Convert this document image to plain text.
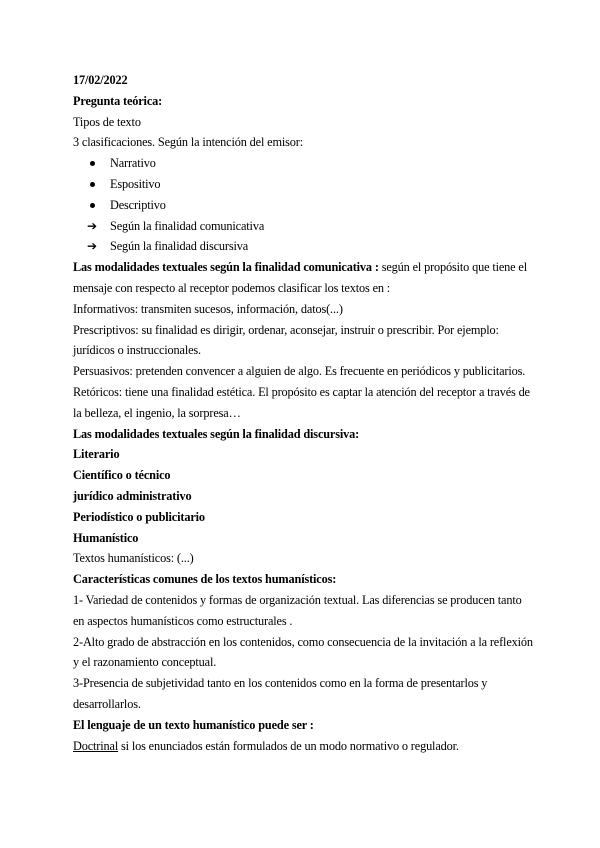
17/02/2022

Pregunta teórica:

Tipos de texto

3 clasificaciones. Según la intención del emisor:

Narrativo
Espositivo
Descriptivo
➔ Según la finalidad comunicativa
➔ Según la finalidad discursiva

Las modalidades textuales según la finalidad comunicativa : según el propósito que tiene el mensaje con respecto al receptor podemos clasificar los textos en :

Informativos: transmiten sucesos, información, datos(...)

Prescriptivos: su finalidad es dirigir, ordenar, aconsejar, instruir o prescribir. Por ejemplo: jurídicos o instruccionales.

Persuasivos: pretenden convencer a alguien de algo. Es frecuente en periódicos y publicitarios.

Retóricos: tiene una finalidad estética. El propósito es captar la atención del receptor a través de la belleza, el ingenio, la sorpresa…

Las modalidades textuales según la finalidad discursiva:

Literario

Científico o técnico

jurídico administrativo

Periodístico o publicitario

Humanístico

Textos humanísticos: (...)

Características comunes de los textos humanísticos:

1- Variedad de contenidos y formas de organización textual. Las diferencias se producen tanto en aspectos humanísticos como estructurales .

2-Alto grado de abstracción en los contenidos, como consecuencia de la invitación a la reflexión y el razonamiento conceptual.

3-Presencia de subjetividad tanto en los contenidos como en la forma de presentarlos y desarrollarlos.

El lenguaje de un texto humanístico puede ser :

Doctrinal si los enunciados están formulados de un modo normativo o regulador.
